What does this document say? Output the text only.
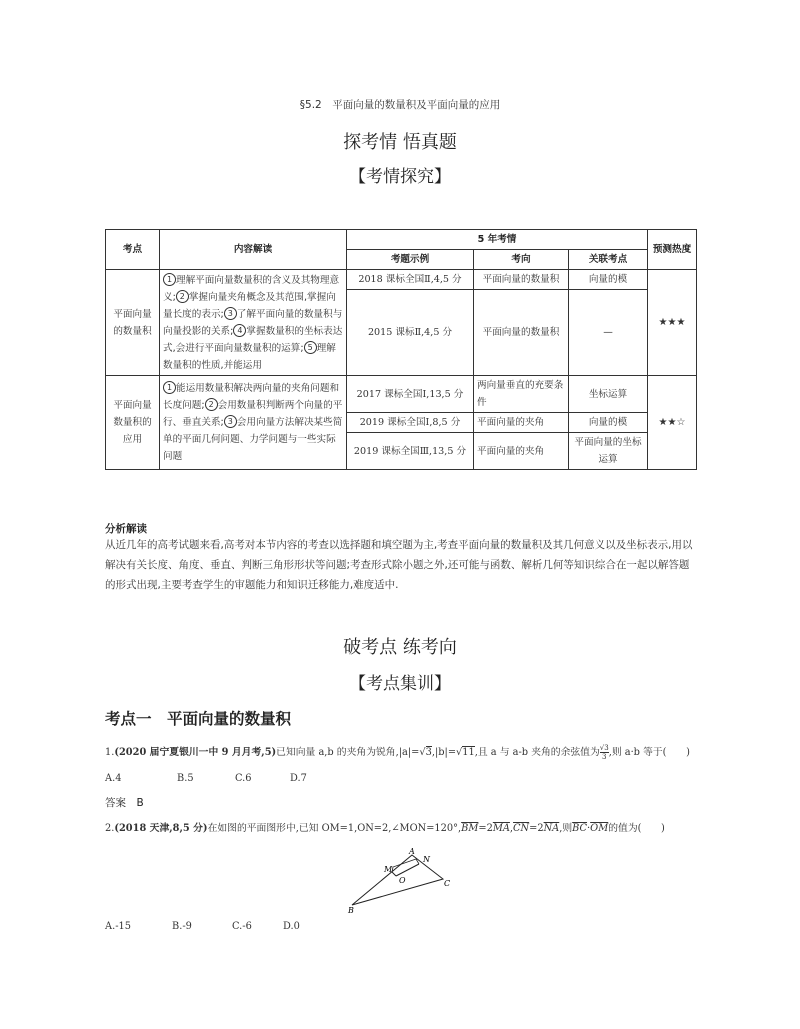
§5.2　平面向量的数量积及平面向量的应用
探考情 悟真题
【考情探究】
考点	内容解读	5 年考情			预测热度
		考题示例	考向	关联考点	
平面向量的数量积	1 理解平面向量数量积的含义及其物理意义; 2 掌握向量夹角概念及其范围,掌握向量长度的表示; 3 了解平面向量的数量积与向量投影的关系; 4 掌握数量积的坐标表达式,会进行平面向量数量积的运算; 5 理解数量积的性质,并能运用	2018 课标全国Ⅱ,4,5 分	平面向量的数量积	向量的模	★★★
		2015 课标Ⅱ,4,5 分	平面向量的数量积	—	
平面向量数量积的应用	1 能运用数量积解决两向量的夹角问题和长度问题; 2 会用数量积判断两个向量的平行、垂直关系; 3 会用向量方法解决某些简单的平面几何问题、力学问题与一些实际问题	2017 课标全国Ⅰ,13,5 分	两向量垂直的充要条件	坐标运算	★★☆
		2019 课标全国Ⅰ,8,5 分	平面向量的夹角	向量的模	
		2019 课标全国Ⅲ,13,5 分	平面向量的夹角	平面向量的坐标运算	
分析解读
从近几年的高考试题来看,高考对本节内容的考查以选择题和填空题为主,考查平面向量的数量积及其几何意义以及坐标表示,用以解决有关长度、角度、垂直、判断三角形形状等问题;考查形式除小题之外,还可能与函数、解析几何等知识综合在一起以解答题的形式出现,主要考查学生的审题能力和知识迁移能力,难度适中.
破考点 练考向
【考点集训】
考点一　平面向量的数量积
1.(2020 届宁夏银川一中 9 月月考,5)已知向量 a,b 的夹角为锐角,|a|=√3,|b|=√11,且 a 与 a-b 夹角的余弦值为 $\frac{√3}{3}$ ,则 a·b 等于(　　)
A.4	B.5	C.6	D.7
答案　B
2.(2018 天津,8,5 分)在如图的平面图形中,已知 $OM=1,ON=2,\angle MON=120^\circ,\overline{BM}=2\overline{MA},\overline{CN}=2\overline{NA}$,则$\overline{BC}\cdot\overline{OM}$的值为(　　)
A
N
M
O	C
B
A.-15	B.-9	C.-6	D.0
